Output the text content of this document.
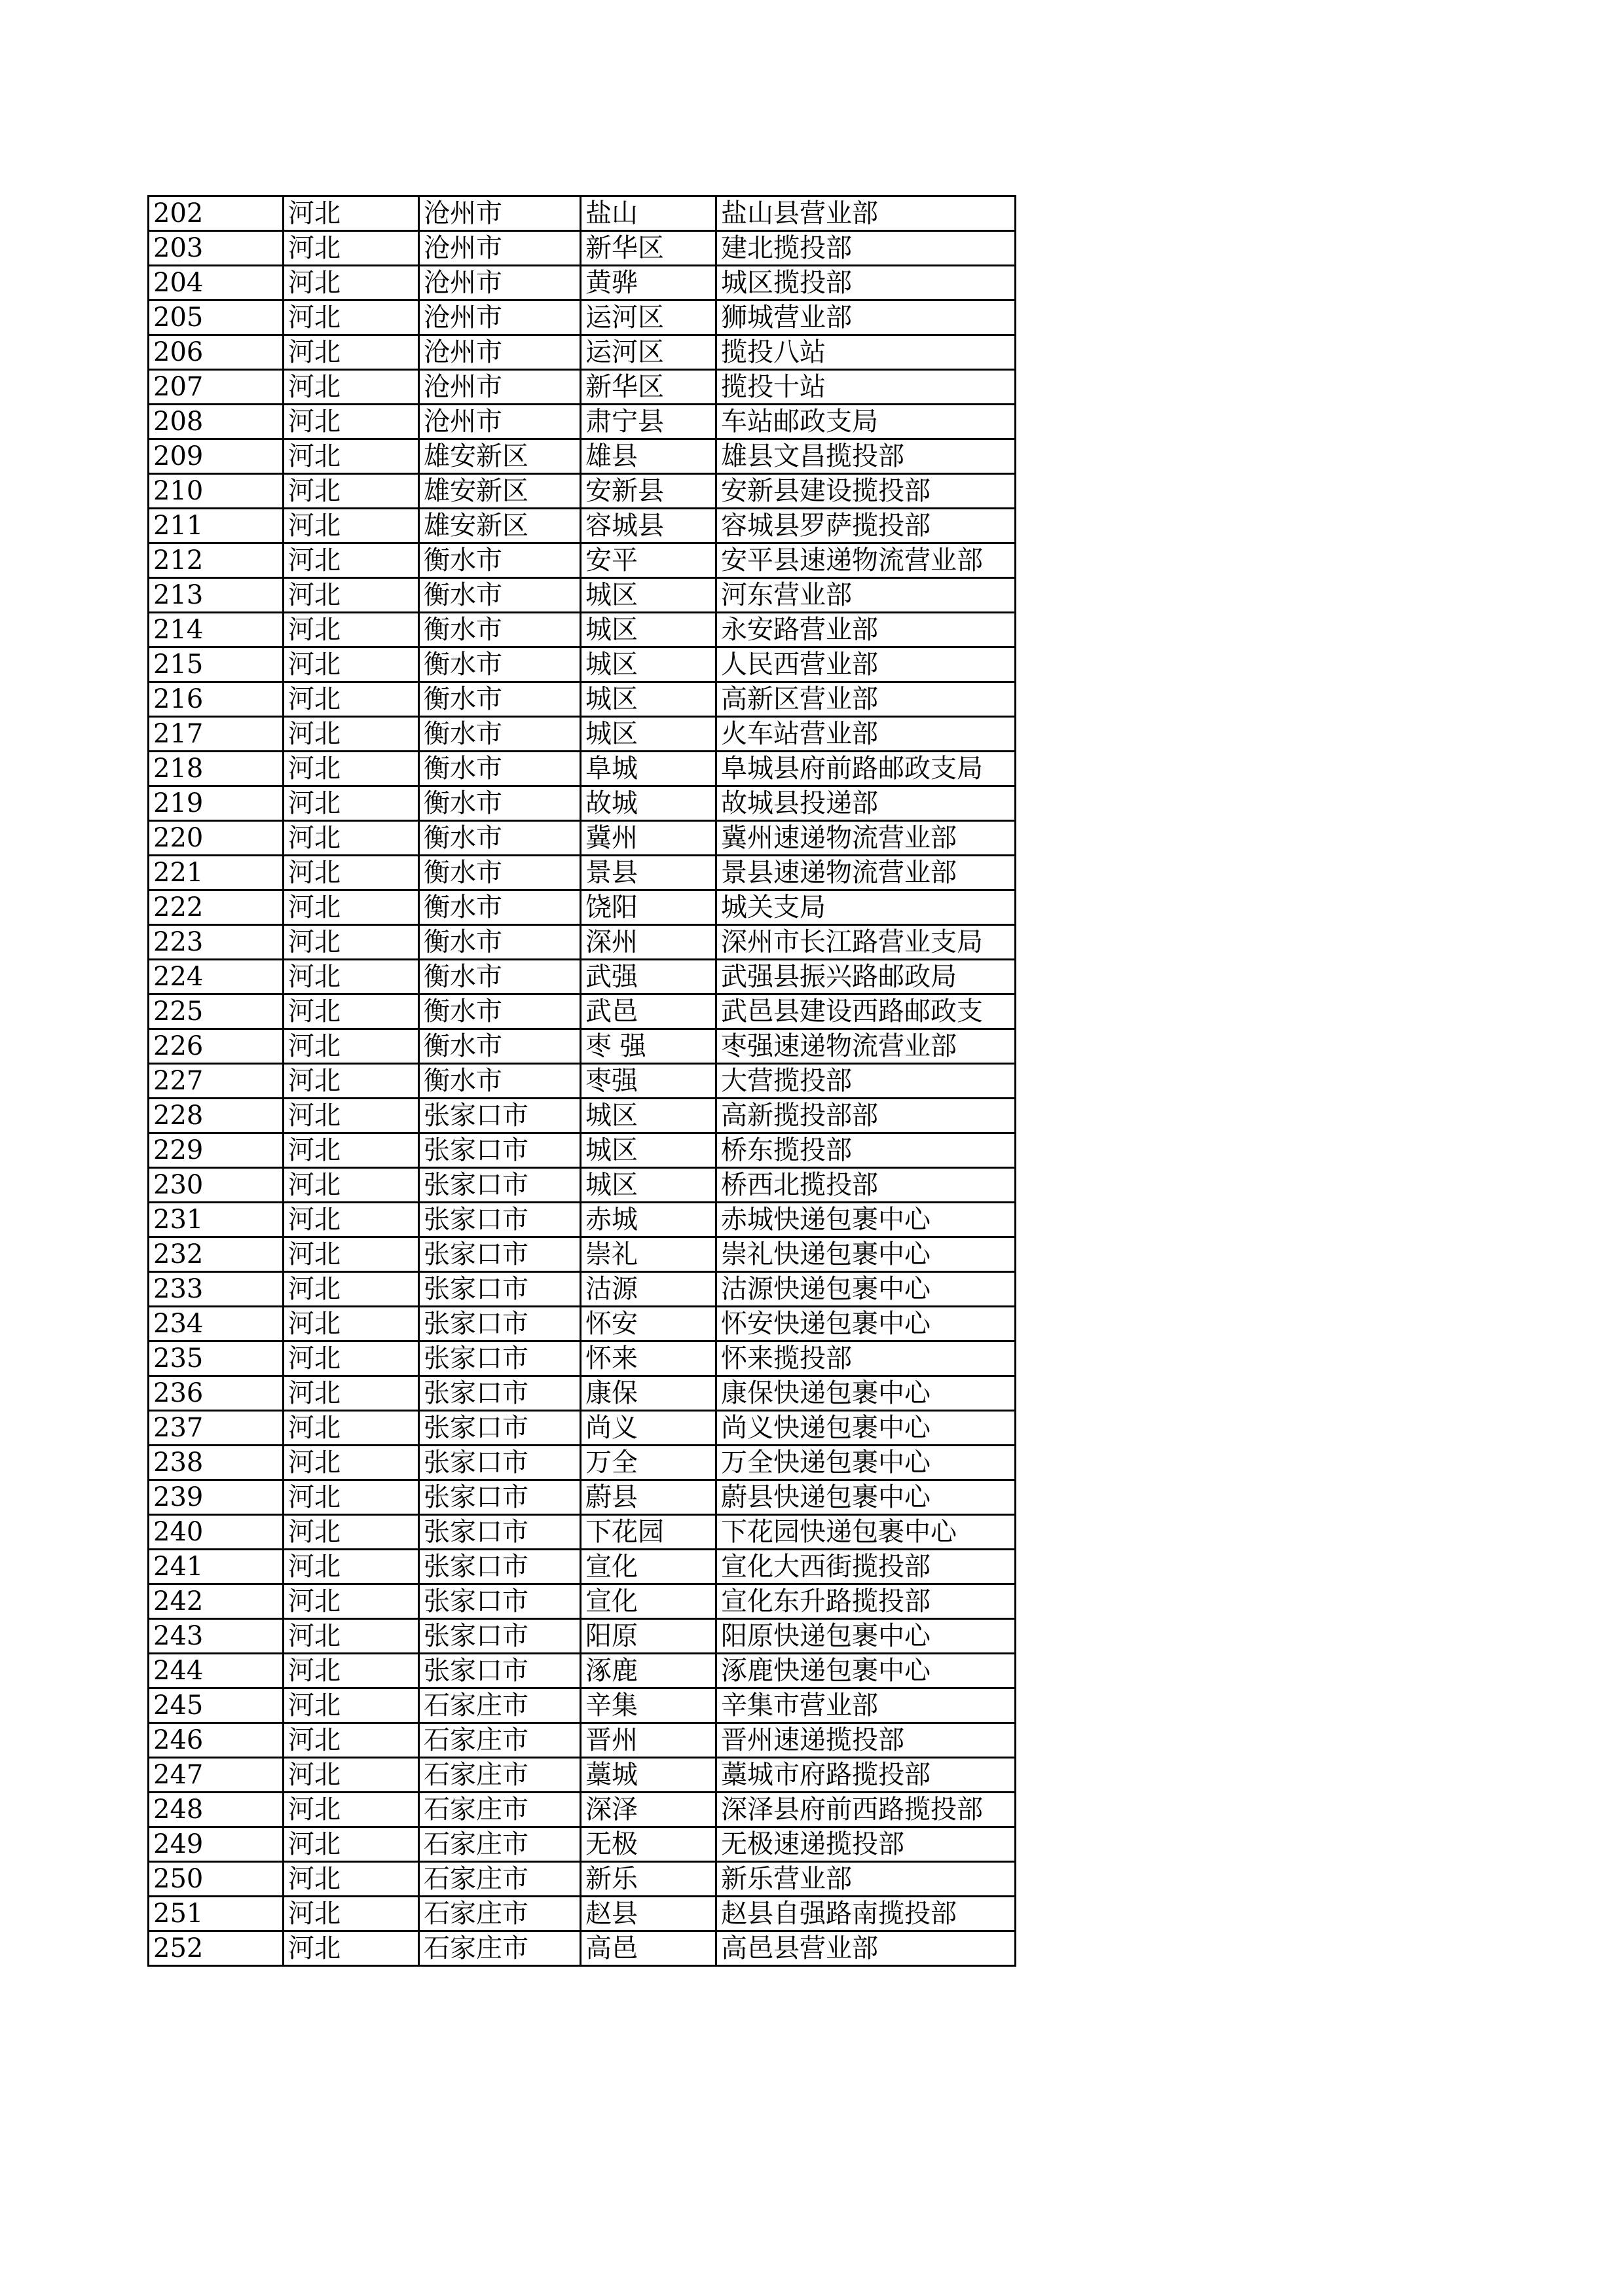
202	河北	沧州市	盐山	盐山县营业部
203	河北	沧州市	新华区	建北揽投部
204	河北	沧州市	黄骅	城区揽投部
205	河北	沧州市	运河区	狮城营业部
206	河北	沧州市	运河区	揽投八站
207	河北	沧州市	新华区	揽投十站
208	河北	沧州市	肃宁县	车站邮政支局
209	河北	雄安新区	雄县	雄县文昌揽投部
210	河北	雄安新区	安新县	安新县建设揽投部
211	河北	雄安新区	容城县	容城县罗萨揽投部
212	河北	衡水市	安平	安平县速递物流营业部
213	河北	衡水市	城区	河东营业部
214	河北	衡水市	城区	永安路营业部
215	河北	衡水市	城区	人民西营业部
216	河北	衡水市	城区	高新区营业部
217	河北	衡水市	城区	火车站营业部
218	河北	衡水市	阜城	阜城县府前路邮政支局
219	河北	衡水市	故城	故城县投递部
220	河北	衡水市	冀州	冀州速递物流营业部
221	河北	衡水市	景县	景县速递物流营业部
222	河北	衡水市	饶阳	城关支局
223	河北	衡水市	深州	深州市长江路营业支局
224	河北	衡水市	武强	武强县振兴路邮政局
225	河北	衡水市	武邑	武邑县建设西路邮政支
226	河北	衡水市	枣 强	枣强速递物流营业部
227	河北	衡水市	枣强	大营揽投部
228	河北	张家口市	城区	高新揽投部部
229	河北	张家口市	城区	桥东揽投部
230	河北	张家口市	城区	桥西北揽投部
231	河北	张家口市	赤城	赤城快递包裹中心
232	河北	张家口市	崇礼	崇礼快递包裹中心
233	河北	张家口市	沽源	沽源快递包裹中心
234	河北	张家口市	怀安	怀安快递包裹中心
235	河北	张家口市	怀来	怀来揽投部
236	河北	张家口市	康保	康保快递包裹中心
237	河北	张家口市	尚义	尚义快递包裹中心
238	河北	张家口市	万全	万全快递包裹中心
239	河北	张家口市	蔚县	蔚县快递包裹中心
240	河北	张家口市	下花园	下花园快递包裹中心
241	河北	张家口市	宣化	宣化大西街揽投部
242	河北	张家口市	宣化	宣化东升路揽投部
243	河北	张家口市	阳原	阳原快递包裹中心
244	河北	张家口市	涿鹿	涿鹿快递包裹中心
245	河北	石家庄市	辛集	辛集市营业部
246	河北	石家庄市	晋州	晋州速递揽投部
247	河北	石家庄市	藁城	藁城市府路揽投部
248	河北	石家庄市	深泽	深泽县府前西路揽投部
249	河北	石家庄市	无极	无极速递揽投部
250	河北	石家庄市	新乐	新乐营业部
251	河北	石家庄市	赵县	赵县自强路南揽投部
252	河北	石家庄市	高邑	高邑县营业部
